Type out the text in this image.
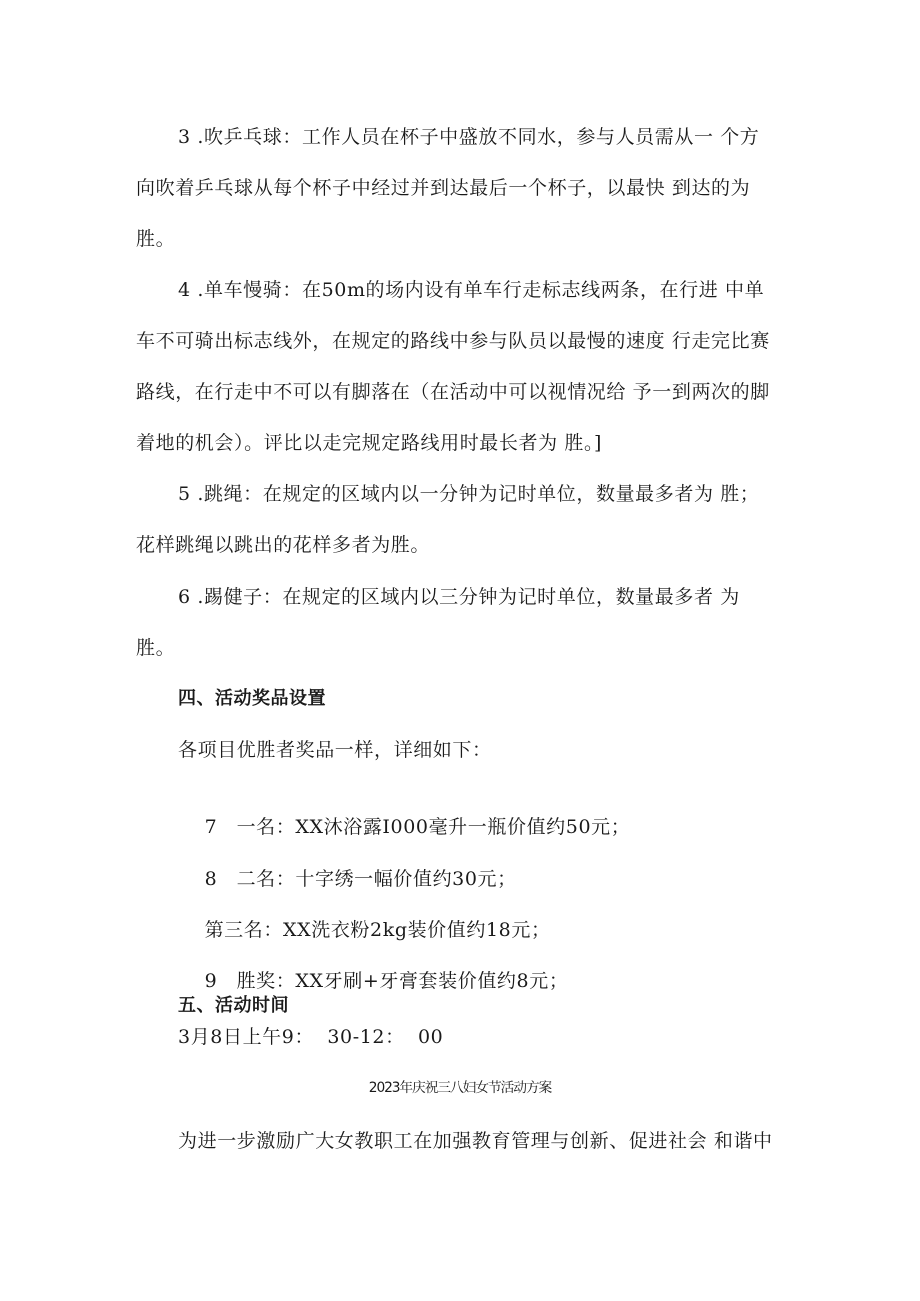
3 .吹乒乓球：工作人员在杯子中盛放不同水，参与人员需从一 个方
向吹着乒乓球从每个杯子中经过并到达最后一个杯子，以最快 到达的为
胜。
4 .单车慢骑：在50m的场内设有单车行走标志线两条，在行进 中单
车不可骑出标志线外，在规定的路线中参与队员以最慢的速度 行走完比赛
路线，在行走中不可以有脚落在（在活动中可以视情况给 予一到两次的脚
着地的机会）。评比以走完规定路线用时最长者为 胜。]
5 .跳绳：在规定的区域内以一分钟为记时单位，数量最多者为 胜；
花样跳绳以跳出的花样多者为胜。
6 .踢健子：在规定的区域内以三分钟为记时单位，数量最多者 为
胜。
四、活动奖品设置
各项目优胜者奖品一样，详细如下：

7 一名：XX沐浴露I000毫升一瓶价值约50元；

8 二名：十字绣一幅价值约30元；

第三名：XX洗衣粉2kg装价值约18元；

9 胜奖：XX牙刷+牙膏套装价值约8元；

五、活动时间
3月8日上午9：  30-12：  00
2023年庆祝三八妇女节活动方案
为进一步激励广大女教职工在加强教育管理与创新、促进社会 和谐中
